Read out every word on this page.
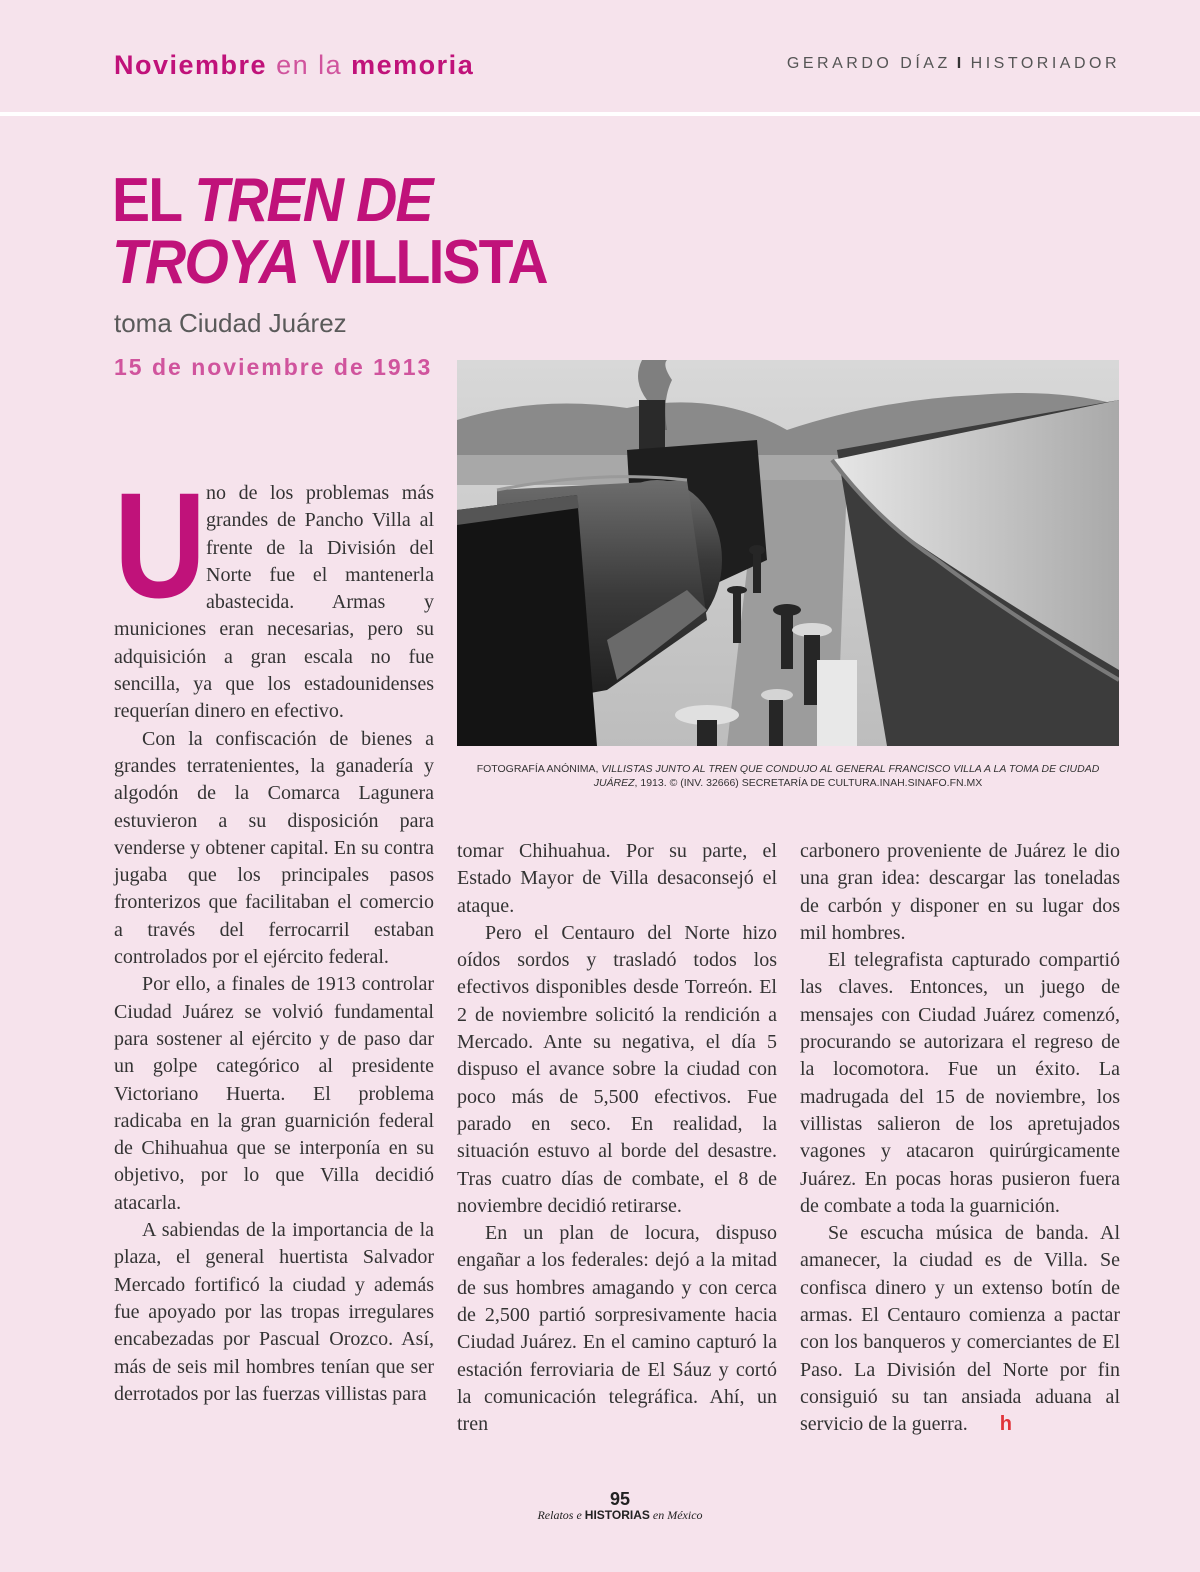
Noviembre en la memoria	GERARDO DÍAZ I HISTORIADOR
EL TREN DE
TROYA VILLISTA
toma Ciudad Juárez
15 de noviembre de 1913
FOTOGRAFÍA ANÓNIMA, VILLISTAS JUNTO AL TREN QUE CONDUJO AL GENERAL FRANCISCO VILLA A LA TOMA DE CIUDAD JUÁREZ, 1913. © (INV. 32666) SECRETARÍA DE CULTURA.INAH.SINAFO.FN.MX
U no de los problemas más grandes de Pancho Villa al frente de la División del Norte fue el mantenerla abastecida. Armas y municiones eran necesarias, pero su adquisición a gran escala no fue sencilla, ya que los estadounidenses requerían dinero en efectivo.

Con la confiscación de bienes a grandes terratenientes, la ganadería y algodón de la Comarca Lagunera estuvieron a su disposición para venderse y obtener capital. En su contra jugaba que los principales pasos fronterizos que facilitaban el comercio a través del ferrocarril estaban controlados por el ejército federal.

Por ello, a finales de 1913 controlar Ciudad Juárez se volvió fundamental para sostener al ejército y de paso dar un golpe categórico al presidente Victoriano Huerta. El problema radicaba en la gran guarnición federal de Chihuahua que se interponía en su objetivo, por lo que Villa decidió atacarla.

A sabiendas de la importancia de la plaza, el general huertista Salvador Mercado fortificó la ciudad y además fue apoyado por las tropas irregulares encabezadas por Pascual Orozco. Así, más de seis mil hombres tenían que ser derrotados por las fuerzas villistas para

tomar Chihuahua. Por su parte, el Estado Mayor de Villa desaconsejó el ataque.

Pero el Centauro del Norte hizo oídos sordos y trasladó todos los efectivos disponibles desde Torreón. El 2 de noviembre solicitó la rendición a Mercado. Ante su negativa, el día 5 dispuso el avance sobre la ciudad con poco más de 5,500 efectivos. Fue parado en seco. En realidad, la situación estuvo al borde del desastre. Tras cuatro días de combate, el 8 de noviembre decidió retirarse.

En un plan de locura, dispuso engañar a los federales: dejó a la mitad de sus hombres amagando y con cerca de 2,500 partió sorpresivamente hacia Ciudad Juárez. En el camino capturó la estación ferroviaria de El Sáuz y cortó la comunicación telegráfica. Ahí, un tren

carbonero proveniente de Juárez le dio una gran idea: descargar las toneladas de carbón y disponer en su lugar dos mil hombres.

El telegrafista capturado compartió las claves. Entonces, un juego de mensajes con Ciudad Juárez comenzó, procurando se autorizara el regreso de la locomotora. Fue un éxito. La madrugada del 15 de noviembre, los villistas salieron de los apretujados vagones y atacaron quirúrgicamente Juárez. En pocas horas pusieron fuera de combate a toda la guarnición.

Se escucha música de banda. Al amanecer, la ciudad es de Villa. Se confisca dinero y un extenso botín de armas. El Centauro comienza a pactar con los banqueros y comerciantes de El Paso. La División del Norte por fin consiguió su tan ansiada aduana al servicio de la guerra. h

95
Relatos e HISTORIAS en México
